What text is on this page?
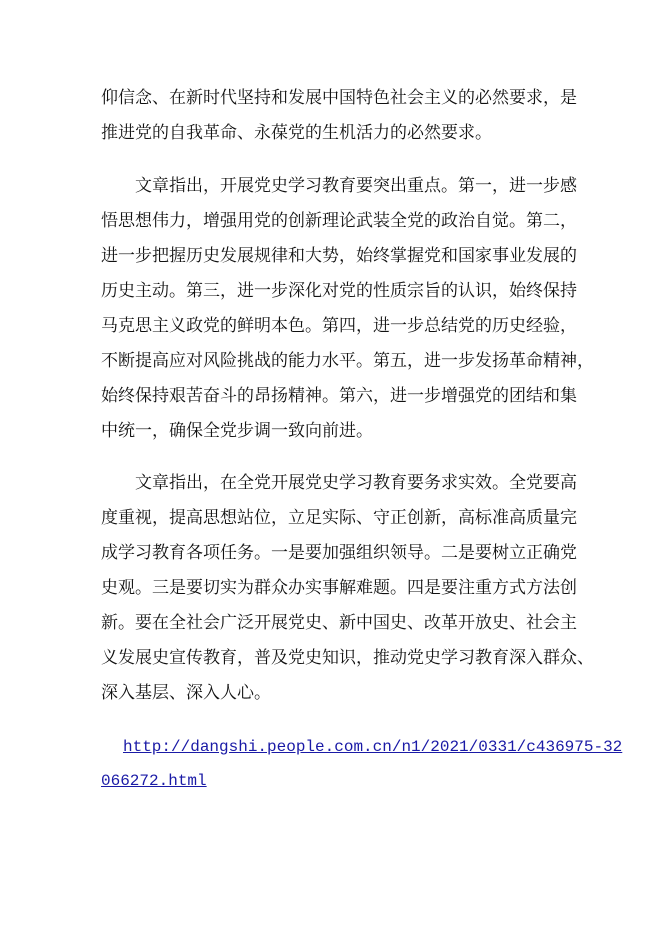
仰信念、在新时代坚持和发展中国特色社会主义的必然要求，是
推进党的自我革命、永葆党的生机活力的必然要求。
文章指出，开展党史学习教育要突出重点。第一，进一步感
悟思想伟力，增强用党的创新理论武装全党的政治自觉。第二，
进一步把握历史发展规律和大势，始终掌握党和国家事业发展的
历史主动。第三，进一步深化对党的性质宗旨的认识，始终保持
马克思主义政党的鲜明本色。第四，进一步总结党的历史经验，
不断提高应对风险挑战的能力水平。第五，进一步发扬革命精神，
始终保持艰苦奋斗的昂扬精神。第六，进一步增强党的团结和集
中统一，确保全党步调一致向前进。
文章指出，在全党开展党史学习教育要务求实效。全党要高
度重视，提高思想站位，立足实际、守正创新，高标准高质量完
成学习教育各项任务。一是要加强组织领导。二是要树立正确党
史观。三是要切实为群众办实事解难题。四是要注重方式方法创
新。要在全社会广泛开展党史、新中国史、改革开放史、社会主
义发展史宣传教育，普及党史知识，推动党史学习教育深入群众、
深入基层、深入人心。
http://dangshi.people.com.cn/n1/2021/0331/c436975-32
066272.html
